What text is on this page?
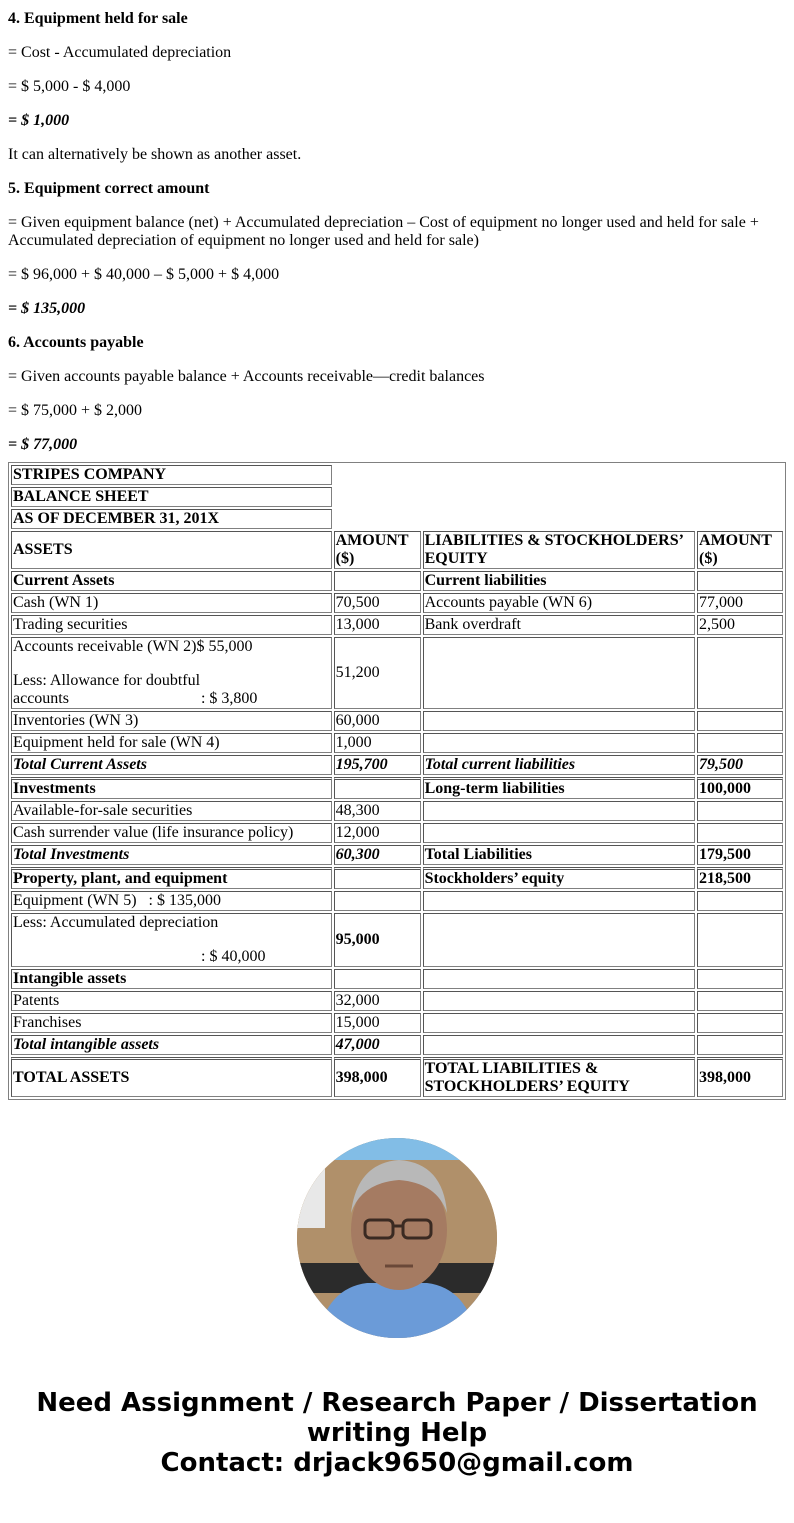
4. Equipment held for sale

= Cost - Accumulated depreciation

= $ 5,000 - $ 4,000

= $ 1,000

It can alternatively be shown as another asset.

5. Equipment correct amount

= Given equipment balance (net) + Accumulated depreciation – Cost of equipment no longer used and held for sale + Accumulated depreciation of equipment no longer used and held for sale)

= $ 96,000 + $ 40,000 – $ 5,000 + $ 4,000

= $ 135,000

6. Accounts payable

= Given accounts payable balance + Accounts receivable—credit balances

= $ 75,000 + $ 2,000

= $ 77,000

STRIPES COMPANY			
BALANCE SHEET			
AS OF DECEMBER 31, 201X			
ASSETS	AMOUNT ($)	LIABILITIES & STOCKHOLDERS’ EQUITY	AMOUNT ($)
Current Assets		Current liabilities	
Cash (WN 1)	70,500	Accounts payable (WN 6)	77,000
Trading securities	13,000	Bank overdraft	2,500

Accounts receivable (WN 2)$ 55,000
Less: Allowance for doubtful
accounts : $ 3,800	51,200		
Inventories (WN 3)	60,000		
Equipment held for sale (WN 4)	1,000		
Total Current Assets	195,700	Total current liabilities	79,500
Investments		Long-term liabilities	100,000
Available-for-sale securities	48,300		
Cash surrender value (life insurance policy)	12,000		
Total Investments	60,300	Total Liabilities	179,500
Property, plant, and equipment		Stockholders’ equity	218,500
Equipment (WN 5)   : $ 135,000			

Less: Accumulated depreciation
: $ 40,000	95,000		
Intangible assets			
Patents	32,000		
Franchises	15,000		
Total intangible assets	47,000		
TOTAL ASSETS	398,000	TOTAL LIABILITIES & STOCKHOLDERS’ EQUITY	398,000
Need Assignment / Research Paper / Dissertation writing Help
Contact: drjack9650@gmail.com
